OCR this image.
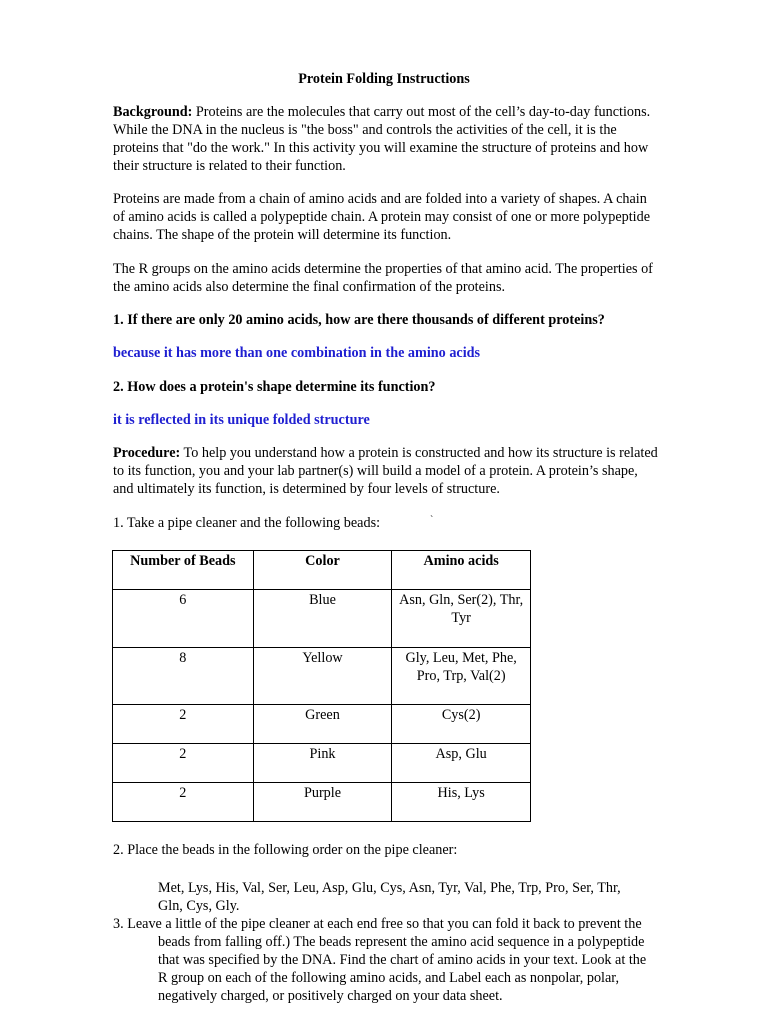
Protein Folding Instructions
Background: Proteins are the molecules that carry out most of the cell’s day-to-day functions. While the DNA in the nucleus is "the boss" and controls the activities of the cell, it is the proteins that "do the work." In this activity you will examine the structure of proteins and how their structure is related to their function.
Proteins are made from a chain of amino acids and are folded into a variety of shapes. A chain of amino acids is called a polypeptide chain. A protein may consist of one or more polypeptide chains. The shape of the protein will determine its function.
The R groups on the amino acids determine the properties of that amino acid. The properties of the amino acids also determine the final confirmation of the proteins.
1. If there are only 20 amino acids, how are there thousands of different proteins?
because it has more than one combination in the amino acids
2. How does a protein's shape determine its function?
it is reflected in its unique folded structure
Procedure: To help you understand how a protein is constructed and how its structure is related to its function, you and your lab partner(s) will build a model of a protein. A protein’s shape, and ultimately its function, is determined by four levels of structure.
1. Take a pipe cleaner and the following beads:	`
Number of Beads	Color	Amino acids
6	Blue	Asn, Gln, Ser(2), Thr, Tyr
8	Yellow	Gly, Leu, Met, Phe, Pro, Trp, Val(2)
2	Green	Cys(2)
2	Pink	Asp, Glu
2	Purple	His, Lys
2. Place the beads in the following order on the pipe cleaner:
Met, Lys, His, Val, Ser, Leu, Asp, Glu, Cys, Asn, Tyr, Val, Phe, Trp, Pro, Ser, Thr, Gln, Cys, Gly.
3. Leave a little of the pipe cleaner at each end free so that you can fold it back to prevent the beads from falling off.) The beads represent the amino acid sequence in a polypeptide that was specified by the DNA. Find the chart of amino acids in your text. Look at the R group on each of the following amino acids, and Label each as nonpolar, polar, negatively charged, or positively charged on your data sheet.
